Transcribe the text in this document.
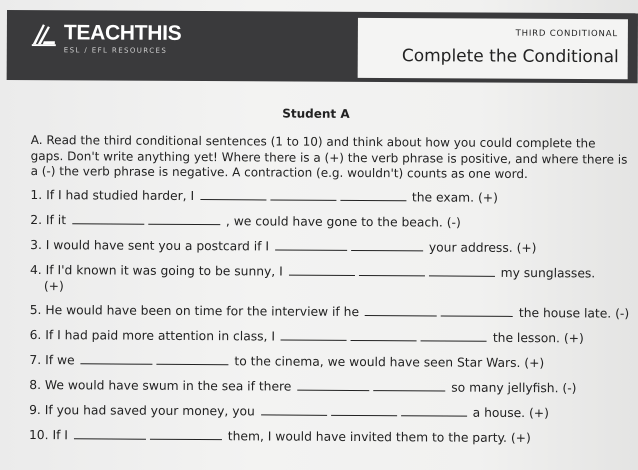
TEACHTHIS
ESL / EFL RESOURCES
THIRD CONDITIONAL
Complete the Conditional
Student A
A. Read the third conditional sentences (1 to 10) and think about how you could complete the gaps. Don't write anything yet! Where there is a (+) the verb phrase is positive, and where there is a (-) the verb phrase is negative. A contraction (e.g. wouldn't) counts as one word.
1. If I had studied harder, I	the exam. (+)
2. If it	, we could have gone to the beach. (-)
3. I would have sent you a postcard if I	your address. (+)
4. If I'd known it was going to be sunny, I	my sunglasses.
(+)
5. He would have been on time for the interview if he	the house late. (-)
6. If I had paid more attention in class, I	the lesson. (+)
7. If we	to the cinema, we would have seen Star Wars. (+)
8. We would have swum in the sea if there	so many jellyfish. (-)
9. If you had saved your money, you	a house. (+)
10. If I	them, I would have invited them to the party. (+)
